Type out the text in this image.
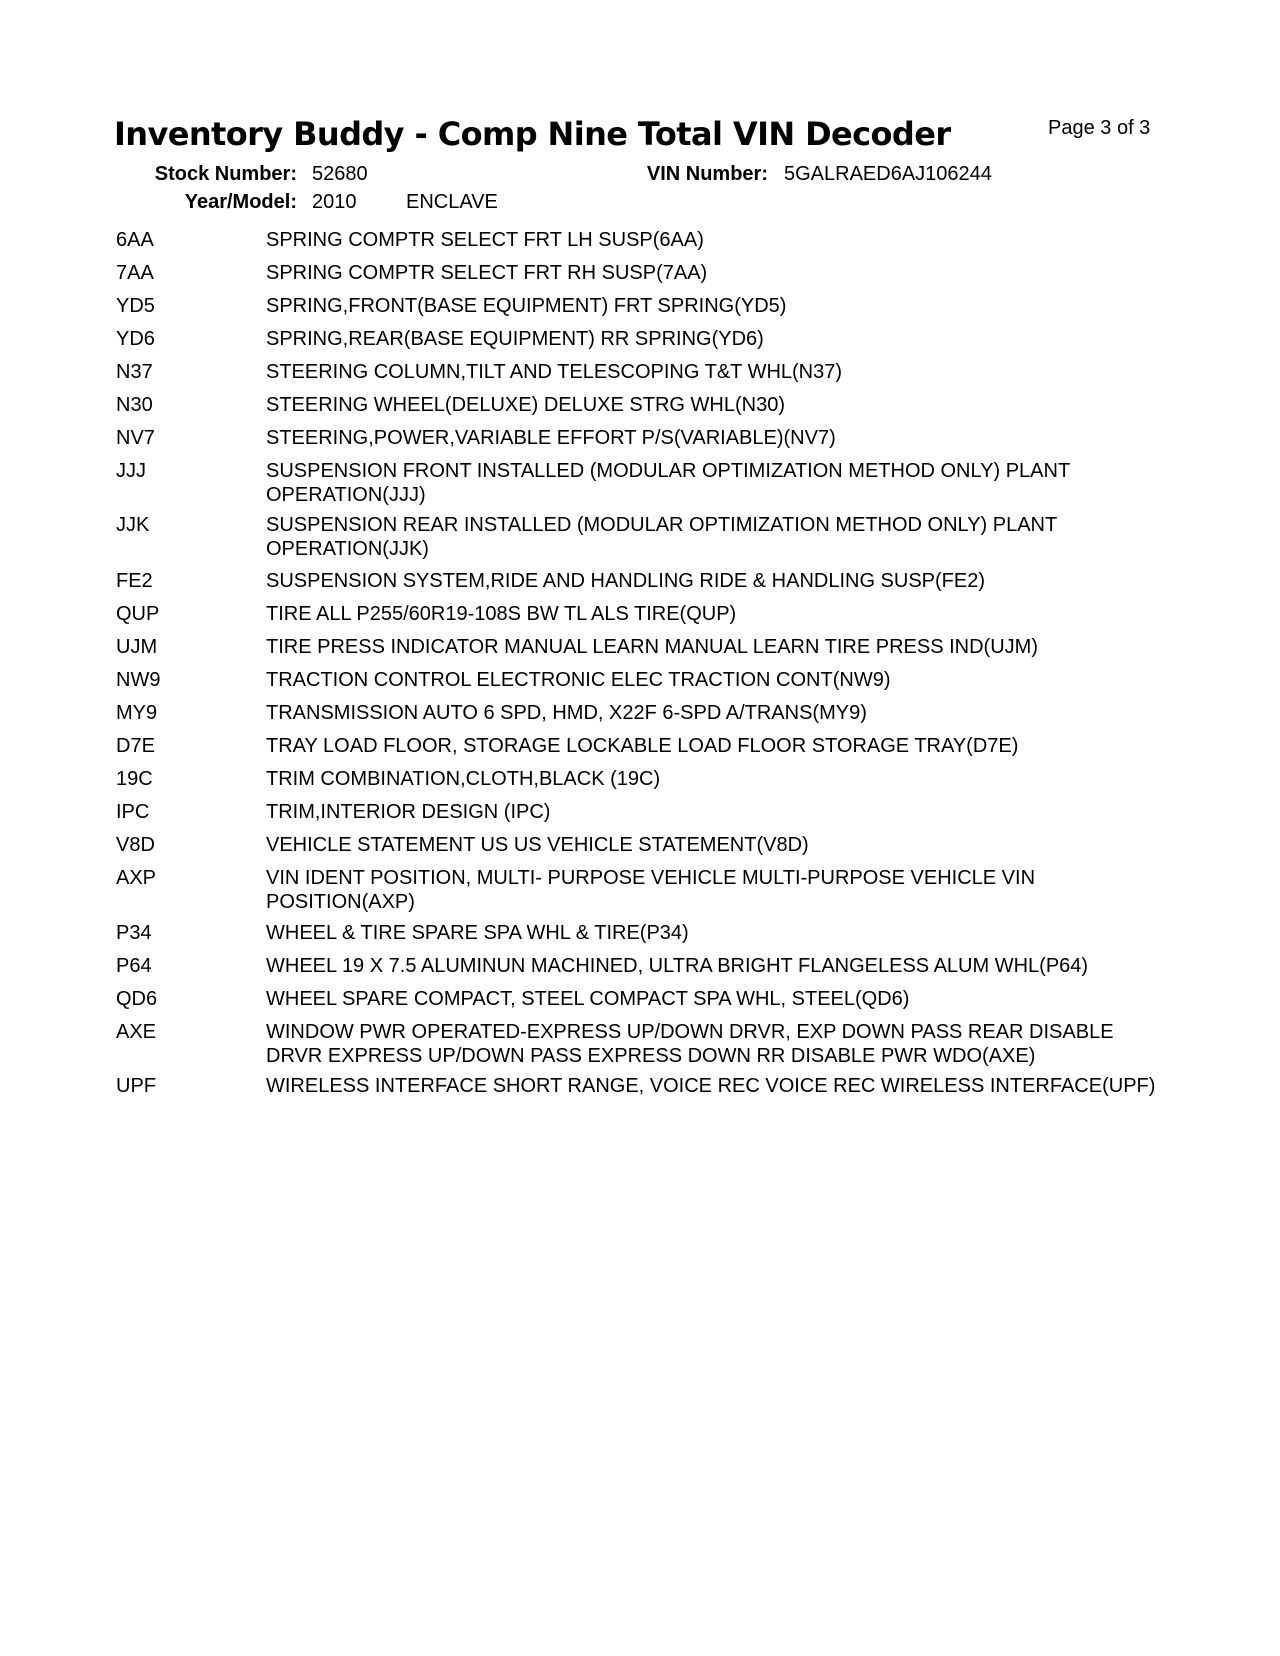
Inventory Buddy - Comp Nine Total VIN Decoder	Page 3 of 3
Stock Number: 52680	VIN Number: 5GALRAED6AJ106244
Year/Model: 2010 ENCLAVE
6AA	SPRING COMPTR SELECT FRT LH SUSP(6AA)
7AA	SPRING COMPTR SELECT FRT RH SUSP(7AA)
YD5	SPRING,FRONT(BASE EQUIPMENT) FRT SPRING(YD5)
YD6	SPRING,REAR(BASE EQUIPMENT) RR SPRING(YD6)
N37	STEERING COLUMN,TILT AND TELESCOPING T&T WHL(N37)
N30	STEERING WHEEL(DELUXE) DELUXE STRG WHL(N30)
NV7	STEERING,POWER,VARIABLE EFFORT P/S(VARIABLE)(NV7)
JJJ	SUSPENSION FRONT INSTALLED (MODULAR OPTIMIZATION METHOD ONLY) PLANT OPERATION(JJJ)
JJK	SUSPENSION REAR INSTALLED (MODULAR OPTIMIZATION METHOD ONLY) PLANT OPERATION(JJK)
FE2	SUSPENSION SYSTEM,RIDE AND HANDLING RIDE & HANDLING SUSP(FE2)
QUP	TIRE ALL P255/60R19-108S BW TL ALS TIRE(QUP)
UJM	TIRE PRESS INDICATOR MANUAL LEARN MANUAL LEARN TIRE PRESS IND(UJM)
NW9	TRACTION CONTROL ELECTRONIC ELEC TRACTION CONT(NW9)
MY9	TRANSMISSION AUTO 6 SPD, HMD, X22F 6-SPD A/TRANS(MY9)
D7E	TRAY LOAD FLOOR, STORAGE LOCKABLE LOAD FLOOR STORAGE TRAY(D7E)
19C	TRIM COMBINATION,CLOTH,BLACK (19C)
IPC	TRIM,INTERIOR DESIGN (IPC)
V8D	VEHICLE STATEMENT US US VEHICLE STATEMENT(V8D)
AXP	VIN IDENT POSITION, MULTI- PURPOSE VEHICLE MULTI-PURPOSE VEHICLE VIN POSITION(AXP)
P34	WHEEL & TIRE SPARE SPA WHL & TIRE(P34)
P64	WHEEL 19 X 7.5 ALUMINUN MACHINED, ULTRA BRIGHT FLANGELESS ALUM WHL(P64)
QD6	WHEEL SPARE COMPACT, STEEL COMPACT SPA WHL, STEEL(QD6)
AXE	WINDOW PWR OPERATED-EXPRESS UP/DOWN DRVR, EXP DOWN PASS REAR DISABLE DRVR EXPRESS UP/DOWN PASS EXPRESS DOWN RR DISABLE PWR WDO(AXE)
UPF	WIRELESS INTERFACE SHORT RANGE, VOICE REC VOICE REC WIRELESS INTERFACE(UPF)
